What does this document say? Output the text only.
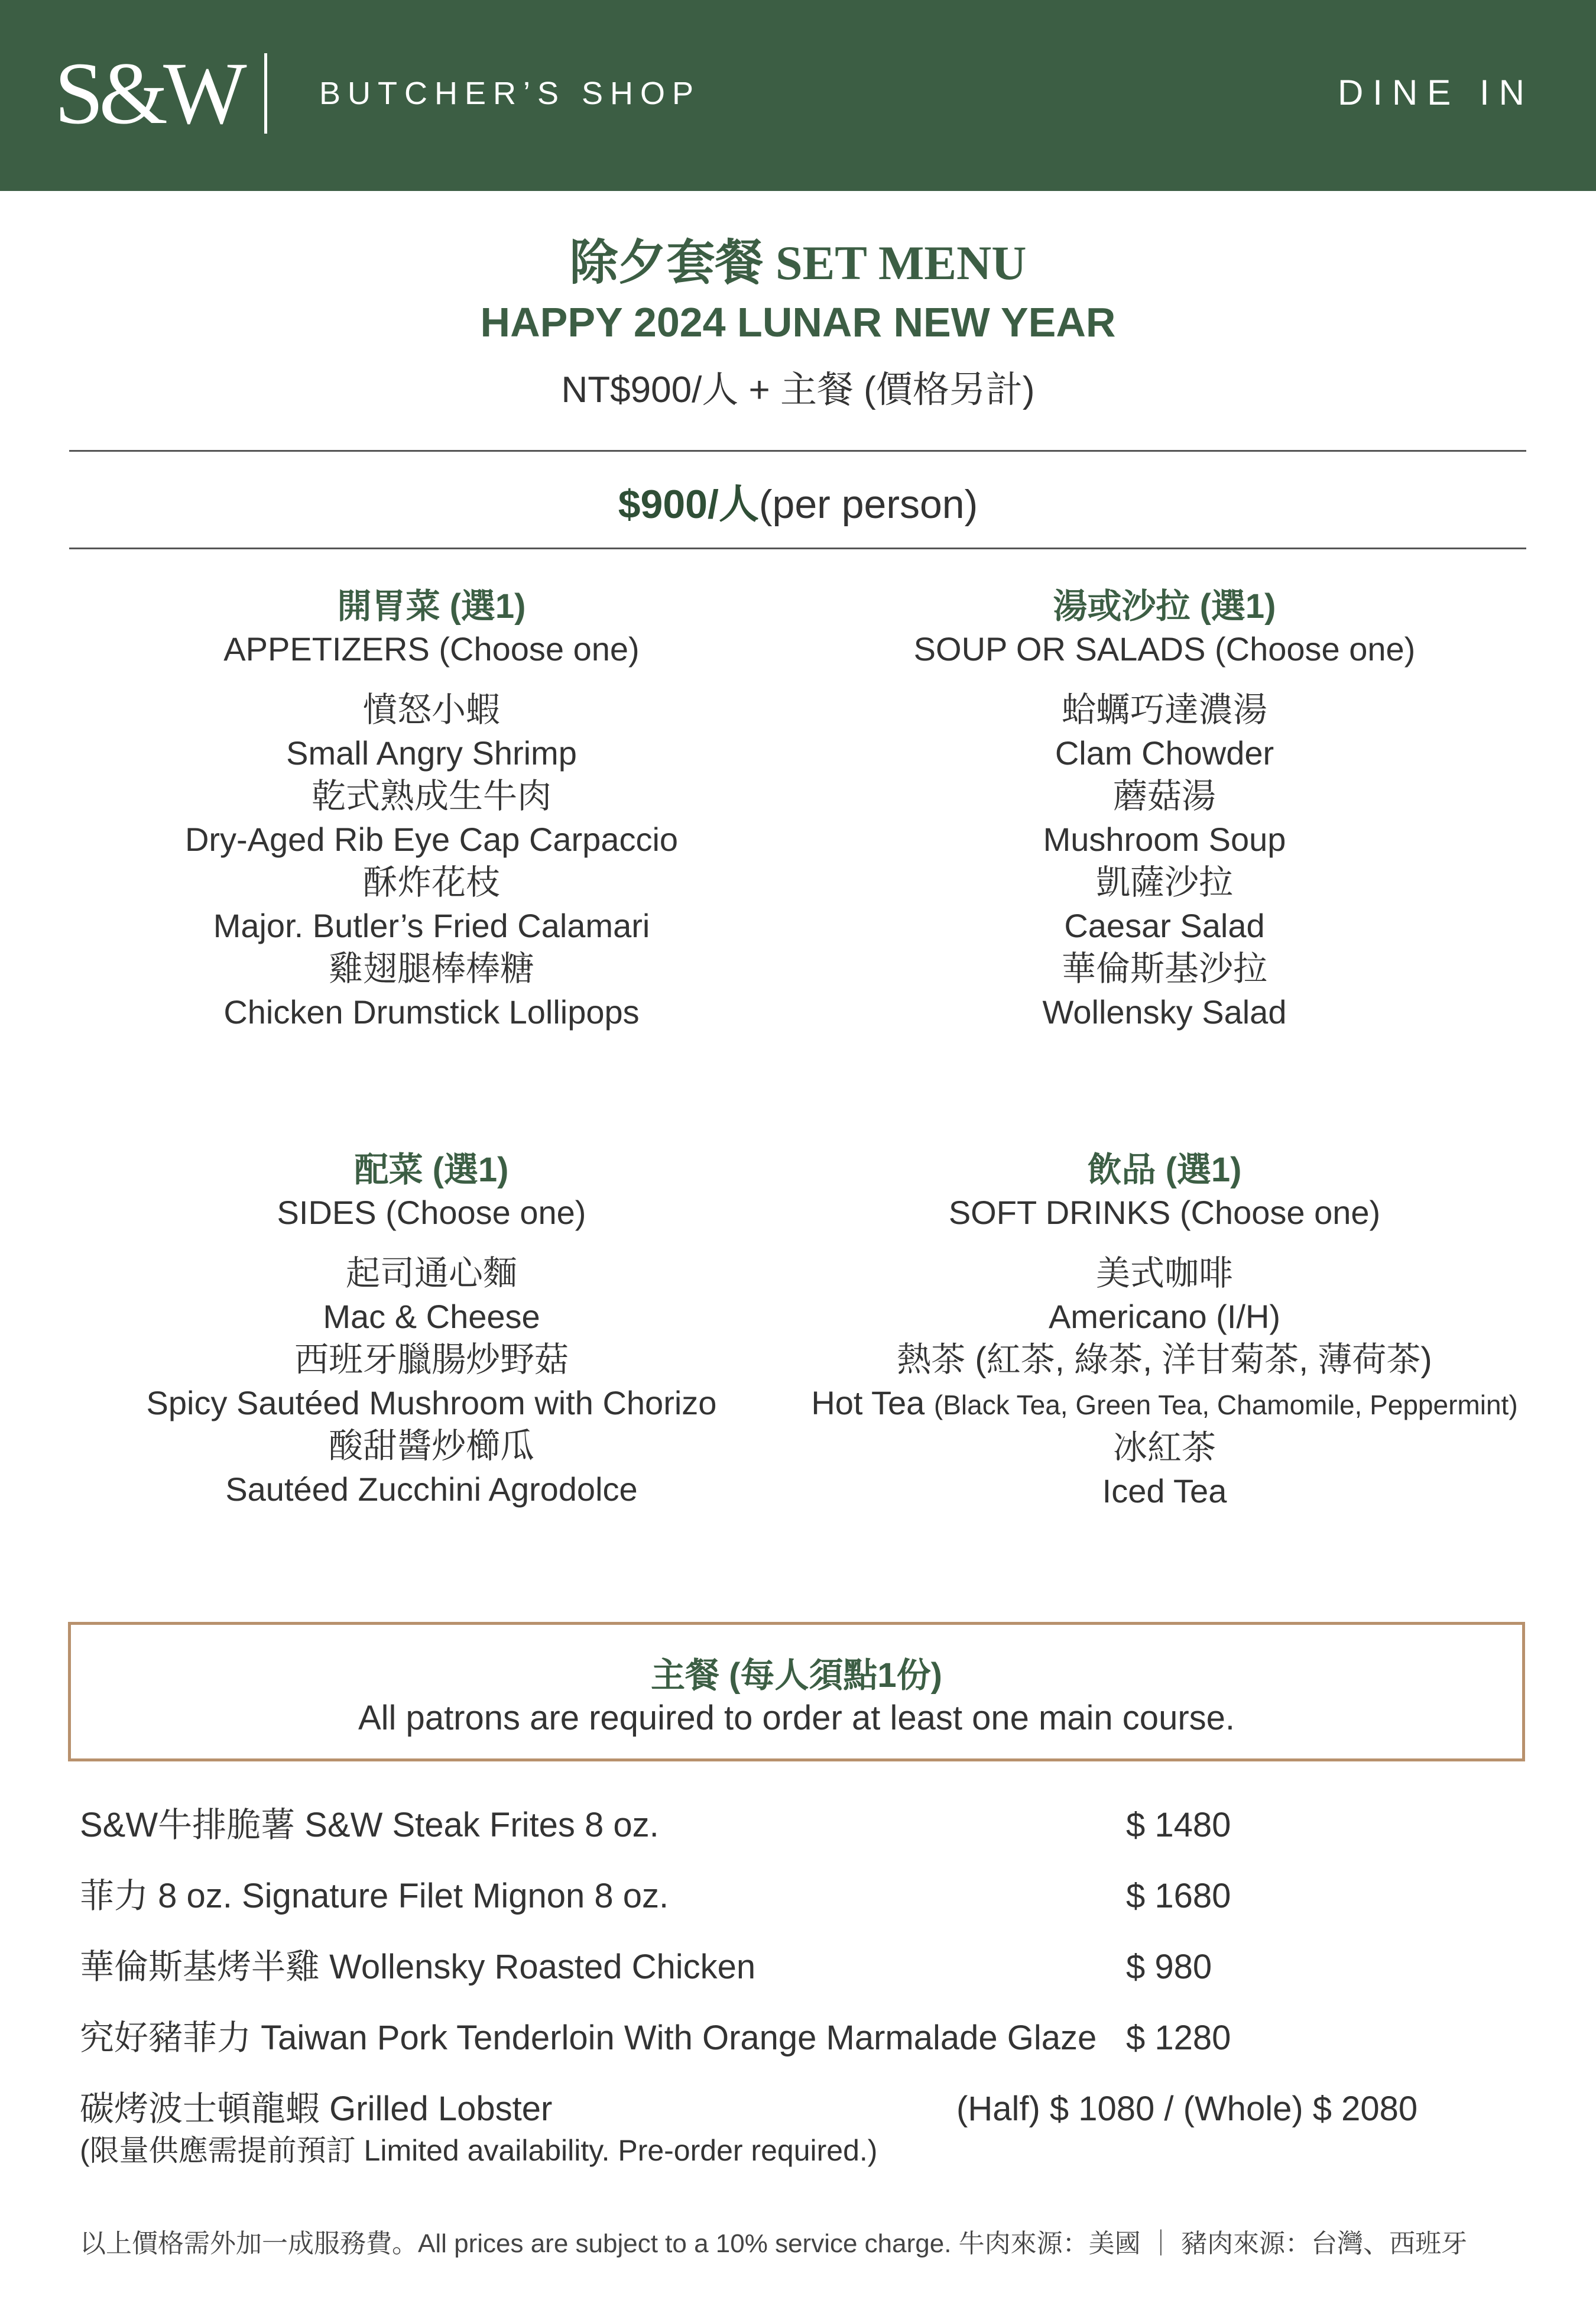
S&W BUTCHER’S SHOP	DINE IN
除夕套餐 SET MENU
HAPPY 2024 LUNAR NEW YEAR
NT$900/人 + 主餐 (價格另計)
$900/人(per person)
開胃菜 (選1)
APPETIZERS (Choose one)
憤怒小蝦
Small Angry Shrimp
乾式熟成生牛肉
Dry-Aged Rib Eye Cap Carpaccio
酥炸花枝
Major. Butler’s Fried Calamari
雞翅腿棒棒糖
Chicken Drumstick Lollipops
湯或沙拉 (選1)
SOUP OR SALADS (Choose one)
蛤蠣巧達濃湯
Clam Chowder
蘑菇湯
Mushroom Soup
凱薩沙拉
Caesar Salad
華倫斯基沙拉
Wollensky Salad
配菜 (選1)
SIDES (Choose one)
起司通心麵
Mac & Cheese
西班牙臘腸炒野菇
Spicy Sautéed Mushroom with Chorizo
酸甜醬炒櫛瓜
Sautéed Zucchini Agrodolce
飲品 (選1)
SOFT DRINKS (Choose one)
美式咖啡
Americano (I/H)
熱茶 (紅茶, 綠茶, 洋甘菊茶, 薄荷茶)
Hot Tea (Black Tea, Green Tea, Chamomile, Peppermint)
冰紅茶
Iced Tea
主餐 (每人須點1份)
All patrons are required to order at least one main course.
S&W牛排脆薯 S&W Steak Frites 8 oz.	$ 1480
菲力 8 oz. Signature Filet Mignon 8 oz.	$ 1680
華倫斯基烤半雞 Wollensky Roasted Chicken	$ 980
究好豬菲力 Taiwan Pork Tenderloin With Orange Marmalade Glaze $ 1280
碳烤波士頓龍蝦 Grilled Lobster	(Half) $ 1080 / (Whole) $ 2080
(限量供應需提前預訂 Limited availability. Pre-order required.)
以上價格需外加一成服務費。All prices are subject to a 10% service charge. 牛肉來源：美國 ｜ 豬肉來源：台灣、西班牙
